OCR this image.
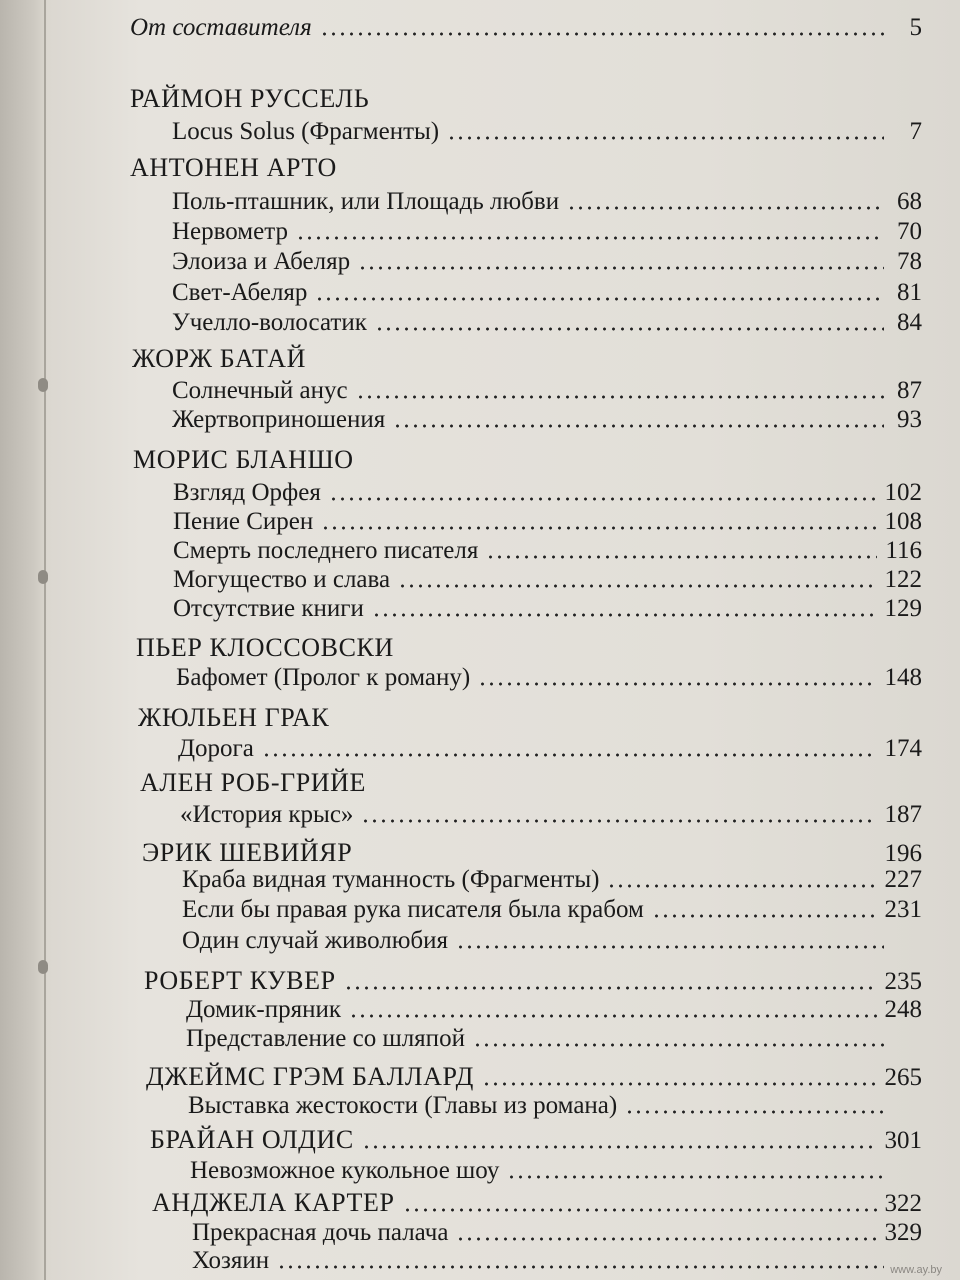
От составителя	5
РАЙМОН РУССЕЛЬ
Locus Solus (Фрагменты)	7
АНТОНЕН АРТО
Поль-пташник, или Площадь любви	68
Нервометр	70
Элоиза и Абеляр	78
Свет-Абеляр	81
Учелло-волосатик	84
ЖОРЖ БАТАЙ
Солнечный анус	87
Жертвоприношения	93
МОРИС БЛАНШО
Взгляд Орфея	102
Пение Сирен	108
Смерть последнего писателя	116
Могущество и слава	122
Отсутствие книги	129
ПЬЕР КЛОССОВСКИ
Бафомет (Пролог к роману)	148
ЖЮЛЬЕН ГРАК
Дорога	174
АЛЕН РОБ-ГРИЙЕ
«История крыс»	187
ЭРИК ШЕВИЙЯР	196
Краба видная туманность (Фрагменты)	227
Если бы правая рука писателя была крабом	231
Один случай живолюбия
РОБЕРТ КУВЕР	235
Домик-пряник	248
Представление со шляпой
ДЖЕЙМС ГРЭМ БАЛЛАРД	265
Выставка жестокости (Главы из романа)
БРАЙАН ОЛДИС	301
Невозможное кукольное шоу
АНДЖЕЛА КАРТЕР	322
Прекрасная дочь палача	329
Хозяин	www.ay.by
